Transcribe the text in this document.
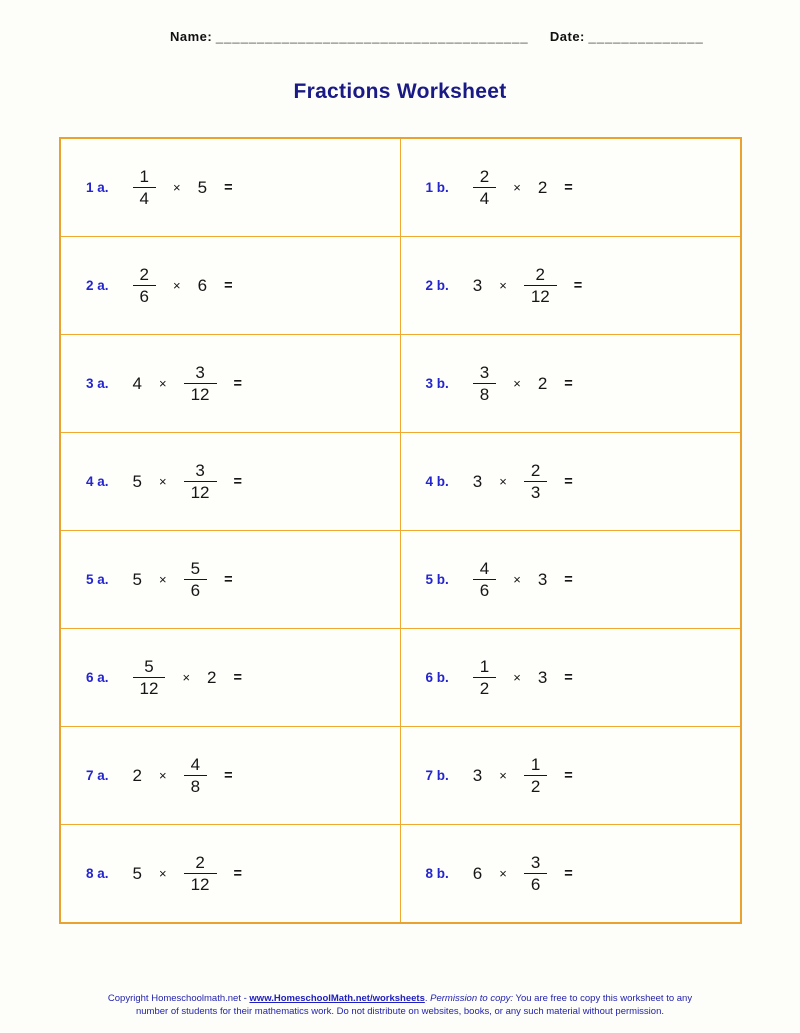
Name: ______________________________________ Date: ______________
Fractions Worksheet
1 a. $\frac{1}{4} \times 5$ =	1 b. $\frac{2}{4} \times 2$ =
2 a. $\frac{2}{6} \times 6$ =	2 b. $3 \times \frac{2}{12}$ =
3 a. $4 \times \frac{3}{12}$ =	3 b. $\frac{3}{8} \times 2$ =
4 a. $5 \times \frac{3}{12}$ =	4 b. $3 \times \frac{2}{3}$ =
5 a. $5 \times \frac{5}{6}$ =	5 b. $\frac{4}{6} \times 3$ =
6 a. $\frac{5}{12} \times 2$ =	6 b. $\frac{1}{2} \times 3$ =
7 a. $2 \times \frac{4}{8}$ =	7 b. $3 \times \frac{1}{2}$ =
8 a. $5 \times \frac{2}{12}$ =	8 b. $6 \times \frac{3}{6}$ =
Copyright Homeschoolmath.net - www.HomeschoolMath.net/worksheets. Permission to copy: You are free to copy this worksheet to any number of students for their mathematics work. Do not distribute on websites, books, or any such material without permission.
